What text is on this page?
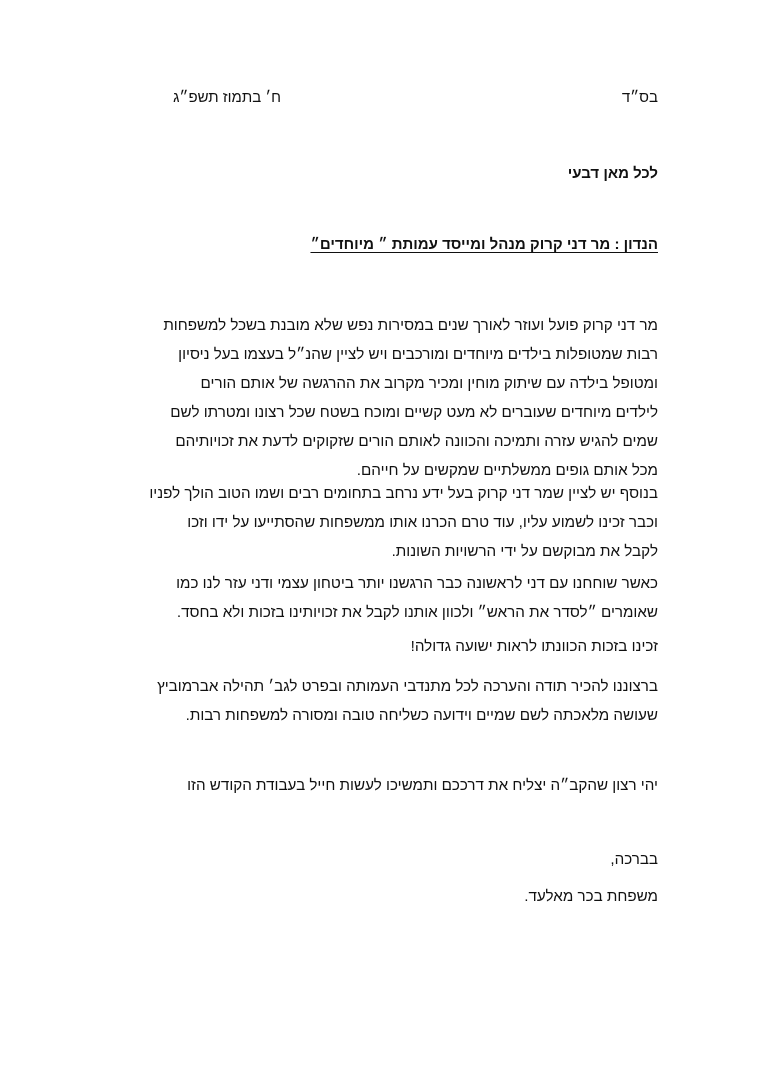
בס״ד
ח׳ בתמוז תשפ״ג
לכל מאן דבעי
הנדון : מר דני קרוק מנהל ומייסד עמותת ״ מיוחדים״
מר דני קרוק פועל ועוזר לאורך שנים במסירות נפש שלא מובנת בשכל למשפחות
רבות שמטופלות בילדים מיוחדים ומורכבים ויש לציין שהנ״ל בעצמו בעל ניסיון
ומטופל בילדה עם שיתוק מוחין ומכיר מקרוב את ההרגשה של אותם הורים
לילדים מיוחדים שעוברים לא מעט קשיים ומוכח בשטח שכל רצונו ומטרתו לשם
שמים להגיש עזרה ותמיכה והכוונה לאותם הורים שזקוקים לדעת את זכויותיהם
מכל אותם גופים ממשלתיים שמקשים על חייהם.
בנוסף יש לציין שמר דני קרוק בעל ידע נרחב בתחומים רבים ושמו הטוב הולך לפניו
וכבר זכינו לשמוע עליו, עוד טרם הכרנו אותו ממשפחות שהסתייעו על ידו וזכו
לקבל את מבוקשם על ידי הרשויות השונות.
כאשר שוחחנו עם דני לראשונה כבר הרגשנו יותר ביטחון עצמי ודני עזר לנו כמו
שאומרים ״לסדר את הראש״ ולכוון אותנו לקבל את זכויותינו בזכות ולא בחסד.
זכינו בזכות הכוונתו לראות ישועה גדולה!
ברצוננו להכיר תודה והערכה לכל מתנדבי העמותה ובפרט לגב׳ תהילה אברמוביץ
שעושה מלאכתה לשם שמיים וידועה כשליחה טובה ומסורה למשפחות רבות.
יהי רצון שהקב״ה יצליח את דרככם ותמשיכו לעשות חייל בעבודת הקודש הזו
בברכה,
משפחת בכר מאלעד.
